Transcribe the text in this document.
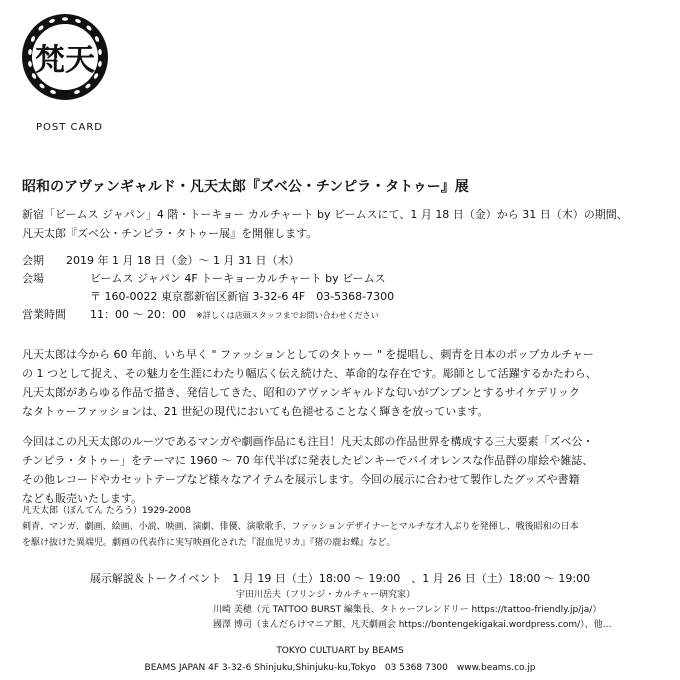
梵天
POST CARD
昭和のアヴァンギャルド・凡天太郎『ズベ公・チンピラ・タトゥー』展
新宿「ビームス ジャパン」4 階・トーキョー カルチャート by ビームスにて、1 月 18 日（金）から 31 日（木）の期間、
凡天太郎『ズベ公・チンピラ・タトゥー展』を開催します。
会期 2019 年 1 月 18 日（金）～ 1 月 31 日（木）
会場	ビームス ジャパン 4F トーキョーカルチャート by ビームス
〒 160-0022 東京都新宿区新宿 3-32-6 4F　03-5368-7300
営業時間 11：00 ～ 20：00 ※詳しくは店頭スタッフまでお問い合わせください
凡天太郎は今から 60 年前、いち早く " ファッションとしてのタトゥー " を提唱し、刺青を日本のポップカルチャー
の 1 つとして捉え、その魅力を生涯にわたり幅広く伝え続けた、革命的な存在です。彫師として活躍するかたわら、
凡天太郎があらゆる作品で描き、発信してきた、昭和のアヴァンギャルドな匂いがプンプンとするサイケデリック
なタトゥーファッションは、21 世紀の現代においても色褪せることなく輝きを放っています。
今回はこの凡天太郎のルーツであるマンガや劇画作品にも注目！凡天太郎の作品世界を構成する三大要素「ズベ公・
チンピラ・タトゥー」をテーマに 1960 ～ 70 年代半ばに発表したピンキーでバイオレンスな作品群の扉絵や雑誌、
その他レコードやカセットテープなど様々なアイテムを展示します。今回の展示に合わせて製作したグッズや書籍
なども販売いたします。
凡天太郎（ぼんてん たろう）1929-2008
刺青、マンガ、劇画、絵画、小説、映画、演劇、俳優、演歌歌手、ファッションデザイナーとマルチな才人ぶりを発揮し、戦後昭和の日本
を駆け抜けた異端児。劇画の代表作に実写映画化された『混血児リカ』『猪の鹿お蝶』など。
展示解説＆トークイベント　1 月 19 日（土）18:00 ～ 19:00　、1 月 26 日（土）18:00 ～ 19:00
宇田川岳夫（フリンジ・カルチャー研究家）
川崎 美穂（元 TATTOO BURST 編集長、タトゥーフレンドリー https://tattoo-friendly.jp/ja/）
國澤 博司（まんだらけマニア館、凡天劇画会 https://bontengekigakai.wordpress.com/）、他…
TOKYO CULTUART by BEAMS
BEAMS JAPAN 4F 3-32-6 Shinjuku,Shinjuku-ku,Tokyo　03 5368 7300　www.beams.co.jp
